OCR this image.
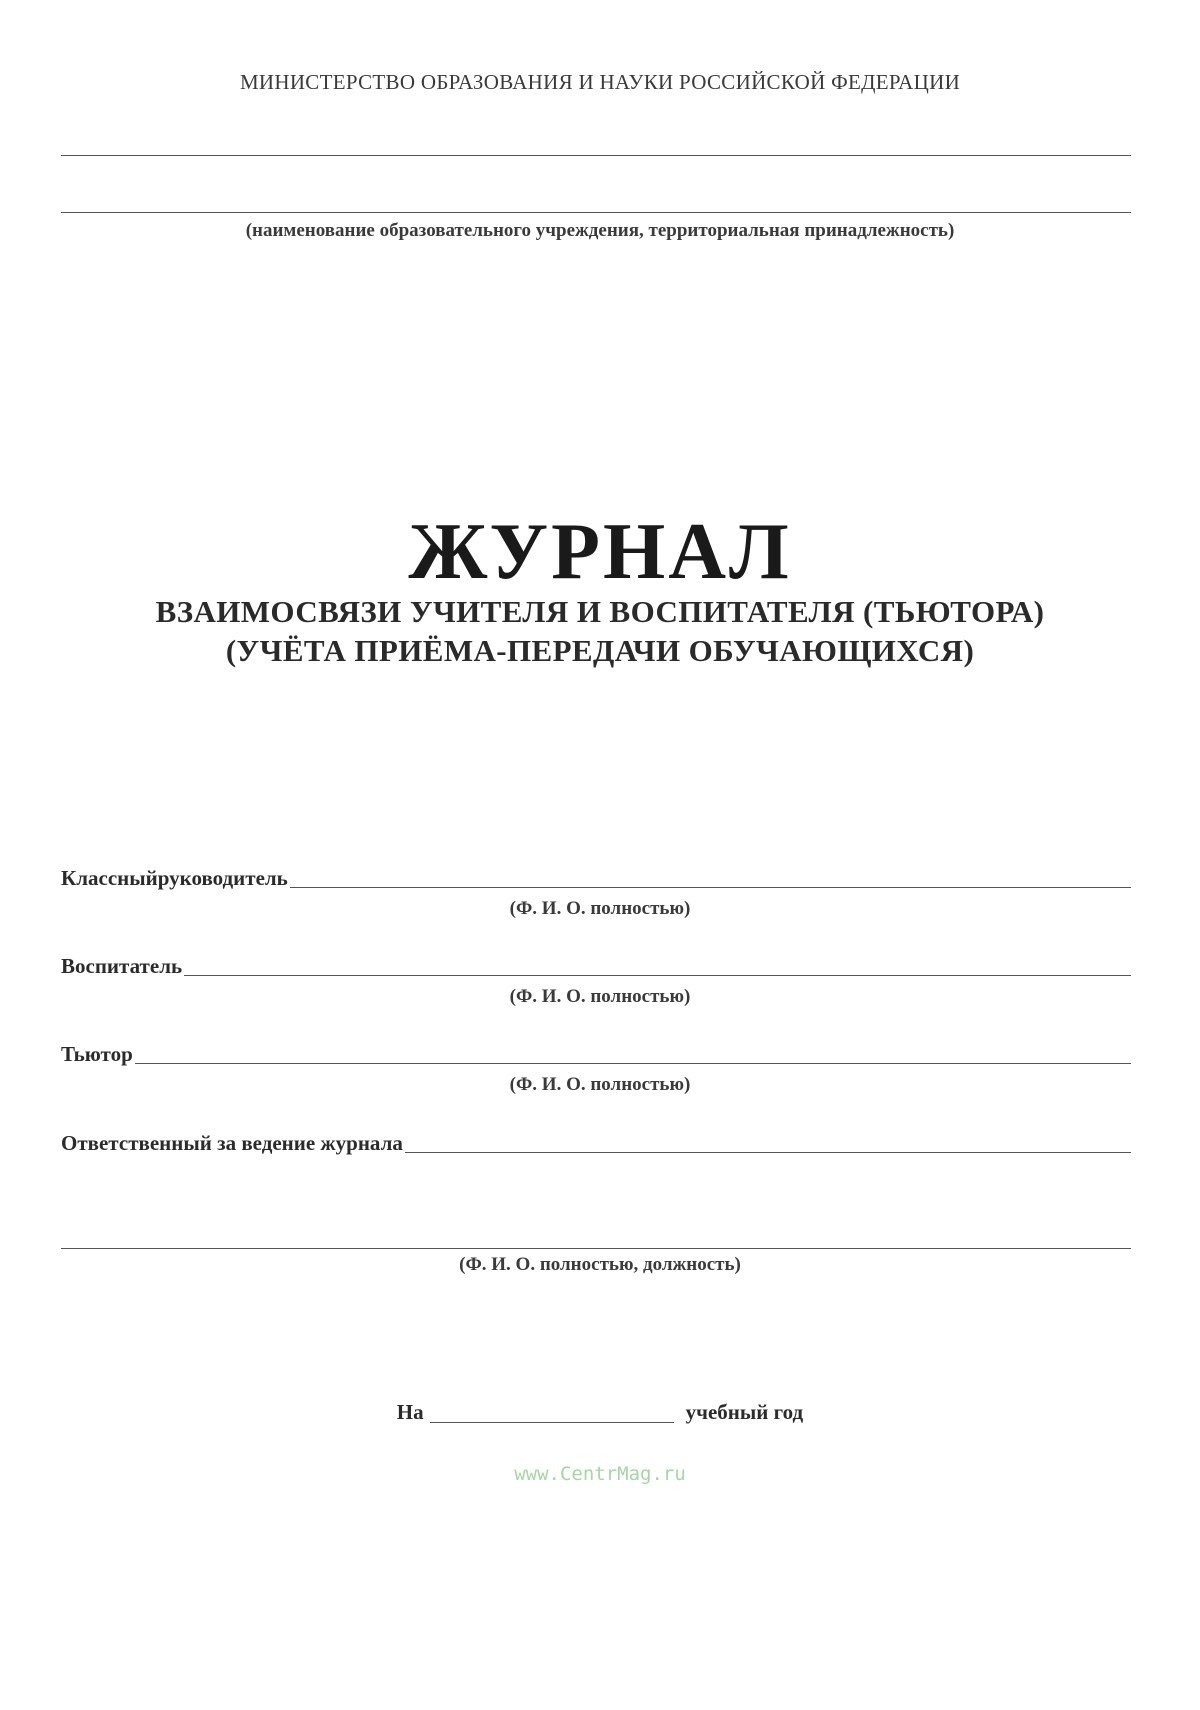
МИНИСТЕРСТВО ОБРАЗОВАНИЯ И НАУКИ РОССИЙСКОЙ ФЕДЕРАЦИИ
(наименование образовательного учреждения, территориальная принадлежность)
ЖУРНАЛ
ВЗАИМОСВЯЗИ УЧИТЕЛЯ И ВОСПИТАТЕЛЯ (ТЬЮТОРА)
(УЧЁТА ПРИЁМА-ПЕРЕДАЧИ ОБУЧАЮЩИХСЯ)
Классныйруководитель
(Ф. И. О. полностью)
Воспитатель
(Ф. И. О. полностью)
Тьютор
(Ф. И. О. полностью)
Ответственный за ведение журнала
(Ф. И. О. полностью, должность)
На	учебный год
www.CentrMag.ru
